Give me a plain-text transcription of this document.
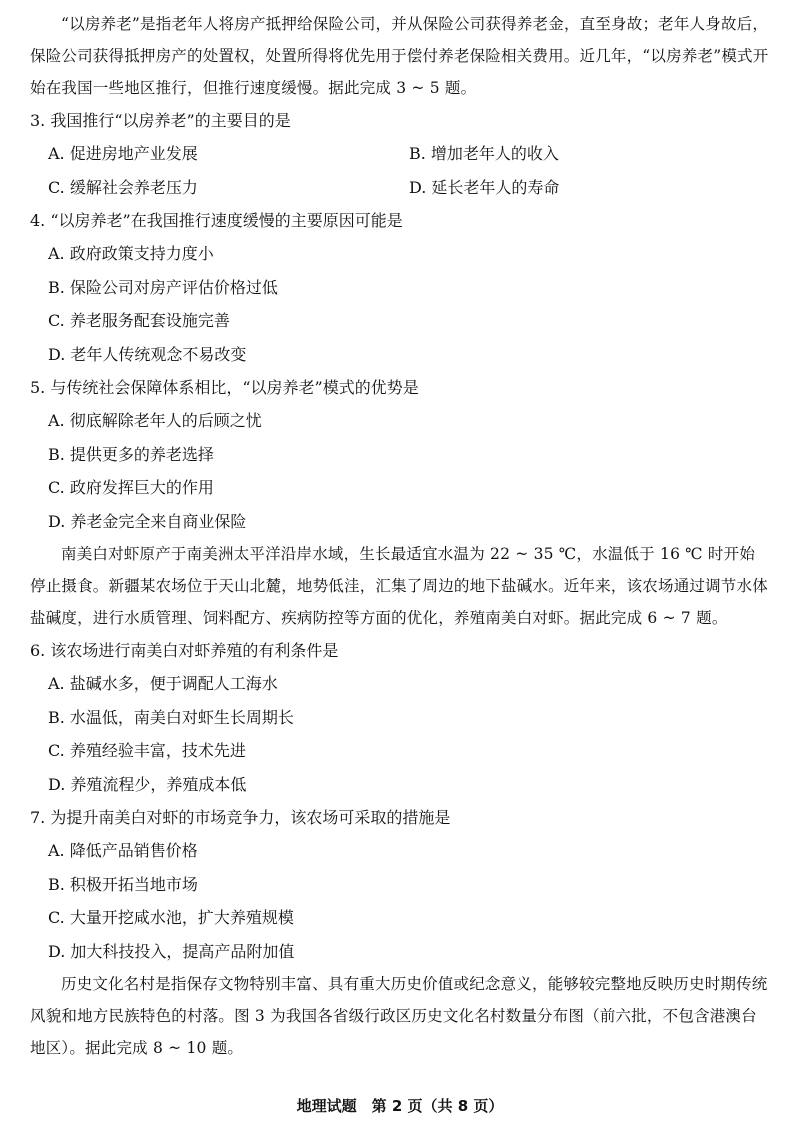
“以房养老”是指老年人将房产抵押给保险公司，并从保险公司获得养老金，直至身故；老年人身故后，保险公司获得抵押房产的处置权，处置所得将优先用于偿付养老保险相关费用。近几年，“以房养老”模式开始在我国一些地区推行，但推行速度缓慢。据此完成 3 ~ 5 题。

3. 我国推行“以房养老”的主要目的是

A. 促进房地产业发展	B. 增加老年人的收入
C. 缓解社会养老压力	D. 延长老年人的寿命

4. “以房养老”在我国推行速度缓慢的主要原因可能是

A. 政府政策支持力度小

B. 保险公司对房产评估价格过低

C. 养老服务配套设施完善

D. 老年人传统观念不易改变

5. 与传统社会保障体系相比，“以房养老”模式的优势是

A. 彻底解除老年人的后顾之忧

B. 提供更多的养老选择

C. 政府发挥巨大的作用

D. 养老金完全来自商业保险

南美白对虾原产于南美洲太平洋沿岸水域，生长最适宜水温为 22 ~ 35 ℃，水温低于 16 ℃ 时开始停止摄食。新疆某农场位于天山北麓，地势低洼，汇集了周边的地下盐碱水。近年来，该农场通过调节水体盐碱度，进行水质管理、饲料配方、疾病防控等方面的优化，养殖南美白对虾。据此完成 6 ~ 7 题。

6. 该农场进行南美白对虾养殖的有利条件是

A. 盐碱水多，便于调配人工海水

B. 水温低，南美白对虾生长周期长

C. 养殖经验丰富，技术先进

D. 养殖流程少，养殖成本低

7. 为提升南美白对虾的市场竞争力，该农场可采取的措施是

A. 降低产品销售价格

B. 积极开拓当地市场

C. 大量开挖咸水池，扩大养殖规模

D. 加大科技投入，提高产品附加值

历史文化名村是指保存文物特别丰富、具有重大历史价值或纪念意义，能够较完整地反映历史时期传统风貌和地方民族特色的村落。图 3 为我国各省级行政区历史文化名村数量分布图（前六批，不包含港澳台地区）。据此完成 8 ~ 10 题。

地理试题　第 2 页（共 8 页）
